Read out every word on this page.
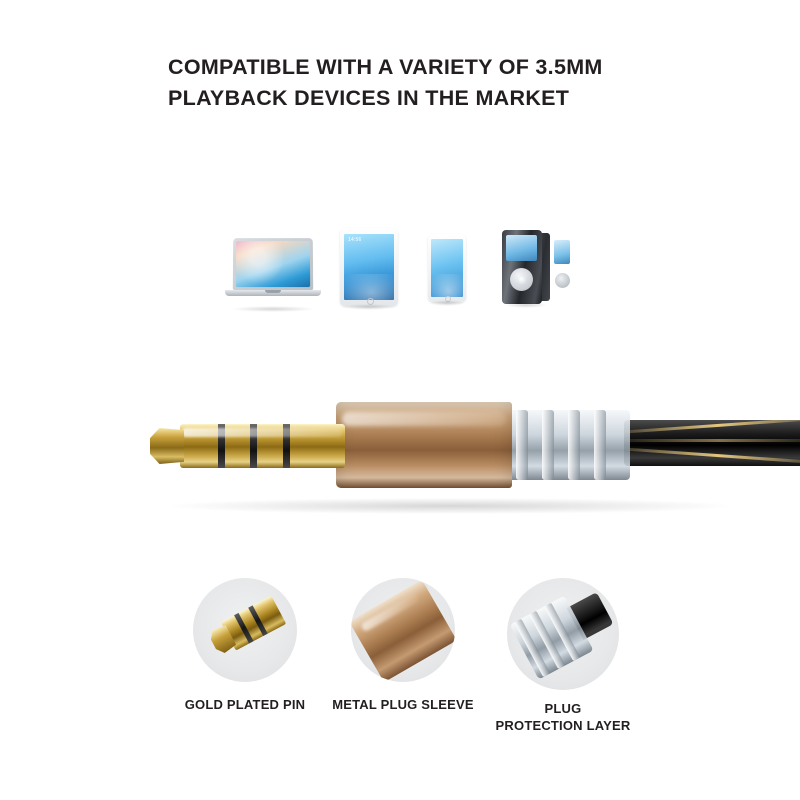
COMPATIBLE WITH A VARIETY OF 3.5MM
PLAYBACK DEVICES IN THE MARKET
14:56
GOLD PLATED PIN	METAL PLUG SLEEVE	PLUG
PROTECTION LAYER
